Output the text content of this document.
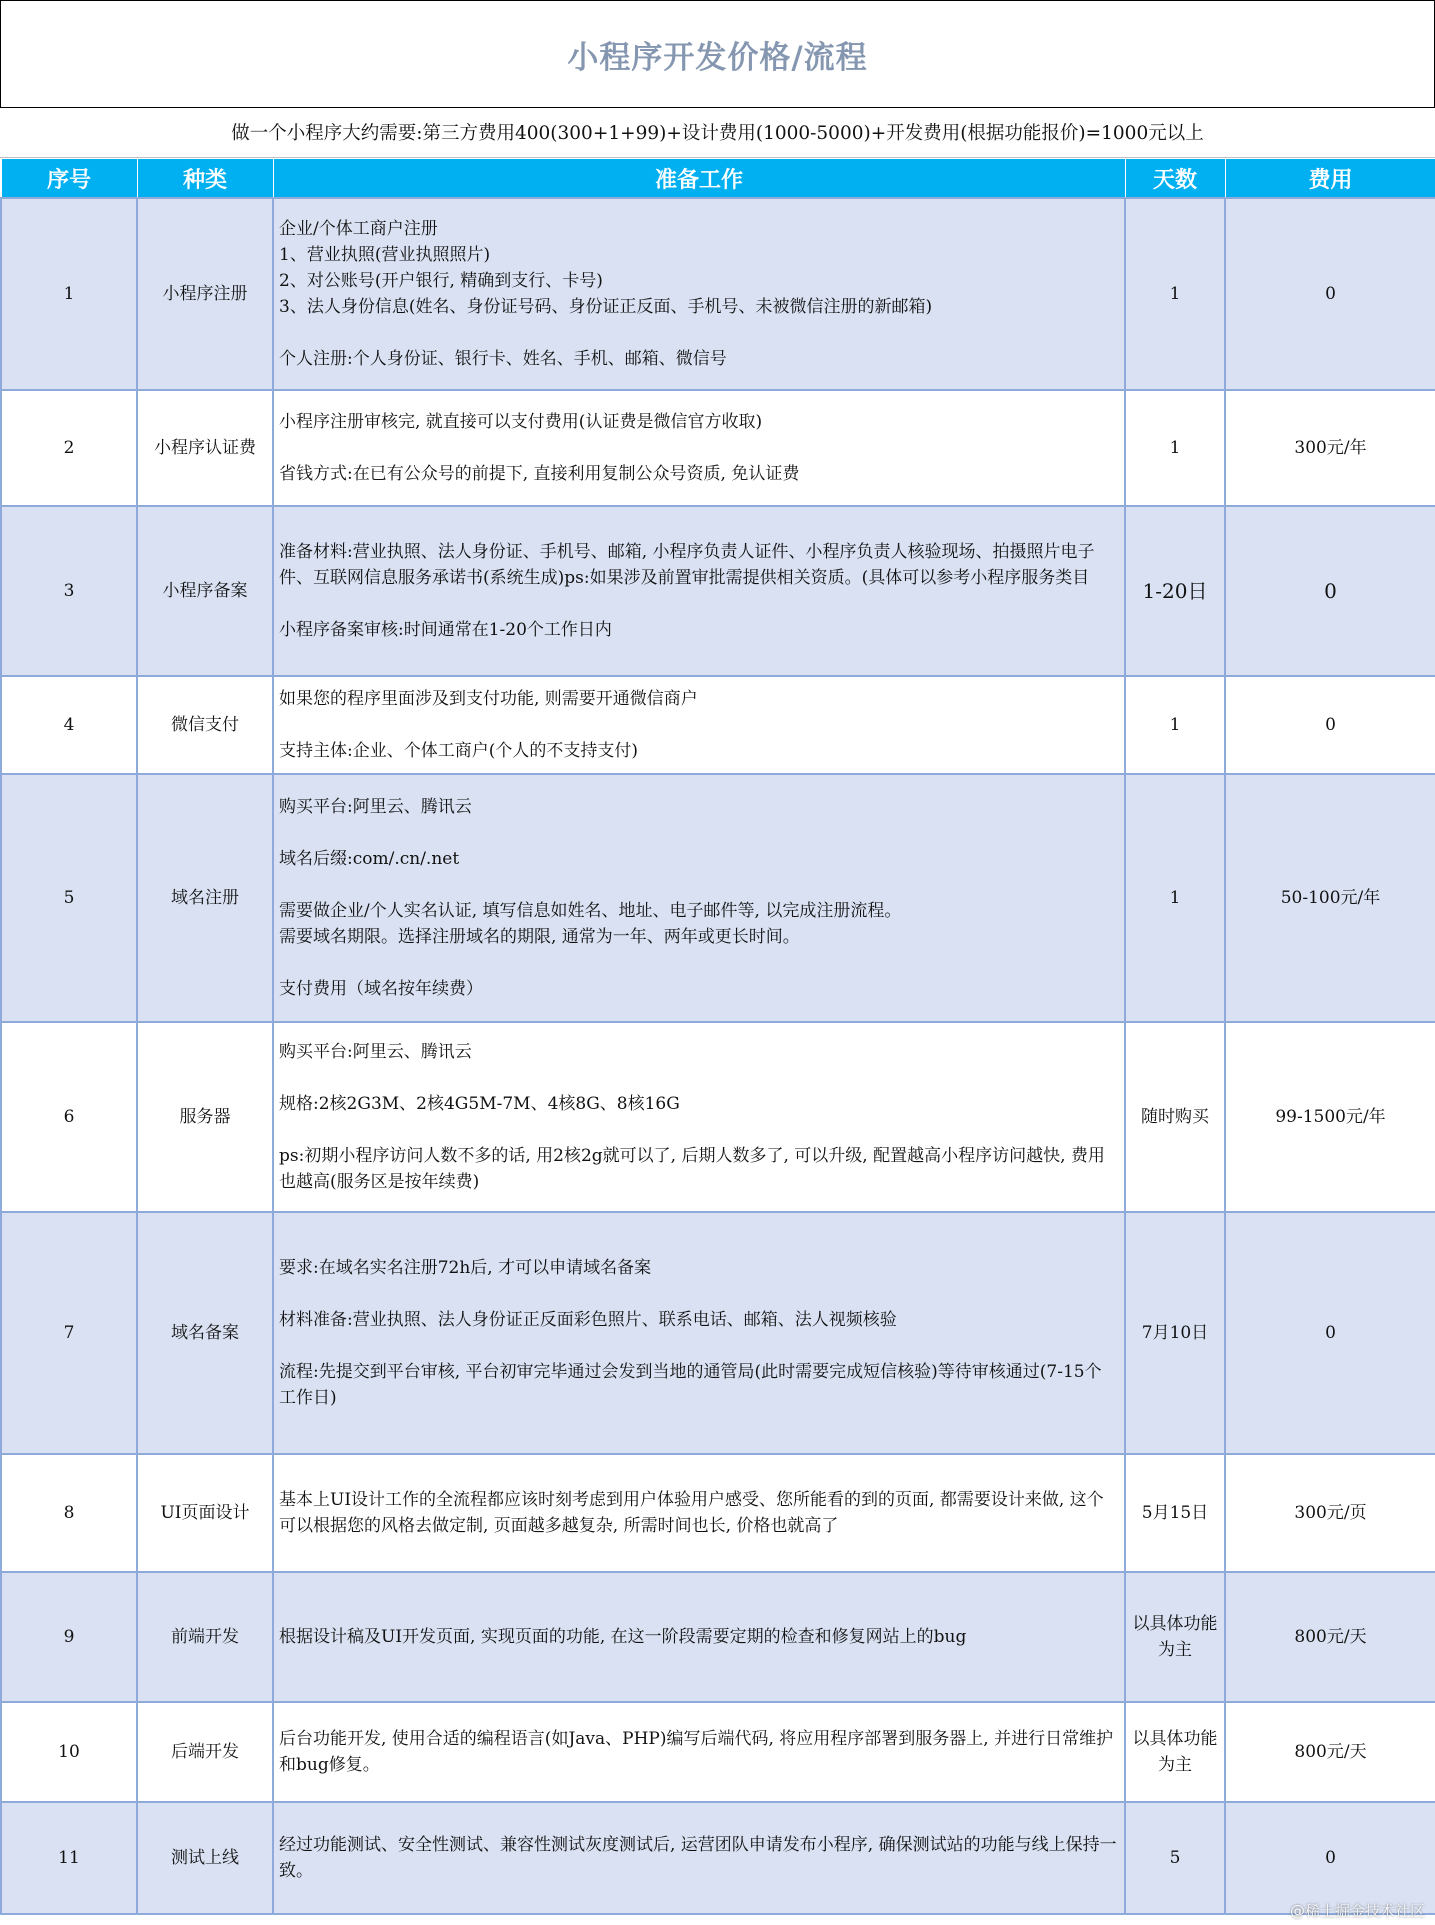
小程序开发价格/流程
做一个小程序大约需要:第三方费用400(300+1+99)+设计费用(1000-5000)+开发费用(根据功能报价)=1000元以上
序号	种类	准备工作	天数	费用
1	小程序注册	企业/个体工商户注册
1、营业执照(营业执照照片)
2、对公账号(开户银行, 精确到支行、卡号)
3、法人身份信息(姓名、身份证号码、身份证正反面、手机号、未被微信注册的新邮箱)
个人注册:个人身份证、银行卡、姓名、手机、邮箱、微信号	1	0
2	小程序认证费	小程序注册审核完, 就直接可以支付费用(认证费是微信官方收取)
省钱方式:在已有公众号的前提下, 直接利用复制公众号资质, 免认证费	1	300元/年
3	小程序备案	准备材料:营业执照、法人身份证、手机号、邮箱, 小程序负责人证件、小程序负责人核验现场、拍摄照片电子件、互联网信息服务承诺书(系统生成)ps:如果涉及前置审批需提供相关资质。(具体可以参考小程序服务类目
小程序备案审核:时间通常在1-20个工作日内	1-20日	0
4	微信支付	如果您的程序里面涉及到支付功能, 则需要开通微信商户
支持主体:企业、个体工商户(个人的不支持支付)	1	0
5	域名注册	购买平台:阿里云、腾讯云
域名后缀:com/.cn/.net
需要做企业/个人实名认证, 填写信息如姓名、地址、电子邮件等, 以完成注册流程。
需要域名期限。选择注册域名的期限, 通常为一年、两年或更长时间。
支付费用（域名按年续费）	1	50-100元/年
6	服务器	购买平台:阿里云、腾讯云
规格:2核2G3M、2核4G5M-7M、4核8G、8核16G
ps:初期小程序访问人数不多的话, 用2核2g就可以了, 后期人数多了, 可以升级, 配置越高小程序访问越快, 费用也越高(服务区是按年续费)	随时购买	99-1500元/年
7	域名备案	要求:在域名实名注册72h后, 才可以申请域名备案
材料准备:营业执照、法人身份证正反面彩色照片、联系电话、邮箱、法人视频核验
流程:先提交到平台审核, 平台初审完毕通过会发到当地的通管局(此时需要完成短信核验)等待审核通过(7-15个工作日)	7月10日	0
8	UI页面设计	基本上UI设计工作的全流程都应该时刻考虑到用户体验用户感受、您所能看的到的页面, 都需要设计来做, 这个可以根据您的风格去做定制, 页面越多越复杂, 所需时间也长, 价格也就高了	5月15日	300元/页
9	前端开发	根据设计稿及UI开发页面, 实现页面的功能, 在这一阶段需要定期的检查和修复网站上的bug	以具体功能为主	800元/天
10	后端开发	后台功能开发, 使用合适的编程语言(如Java、PHP)编写后端代码, 将应用程序部署到服务器上, 并进行日常维护和bug修复。	以具体功能为主	800元/天
11	测试上线	经过功能测试、安全性测试、兼容性测试灰度测试后, 运营团队申请发布小程序, 确保测试站的功能与线上保持一致。	5	0
@稀土掘金技术社区
